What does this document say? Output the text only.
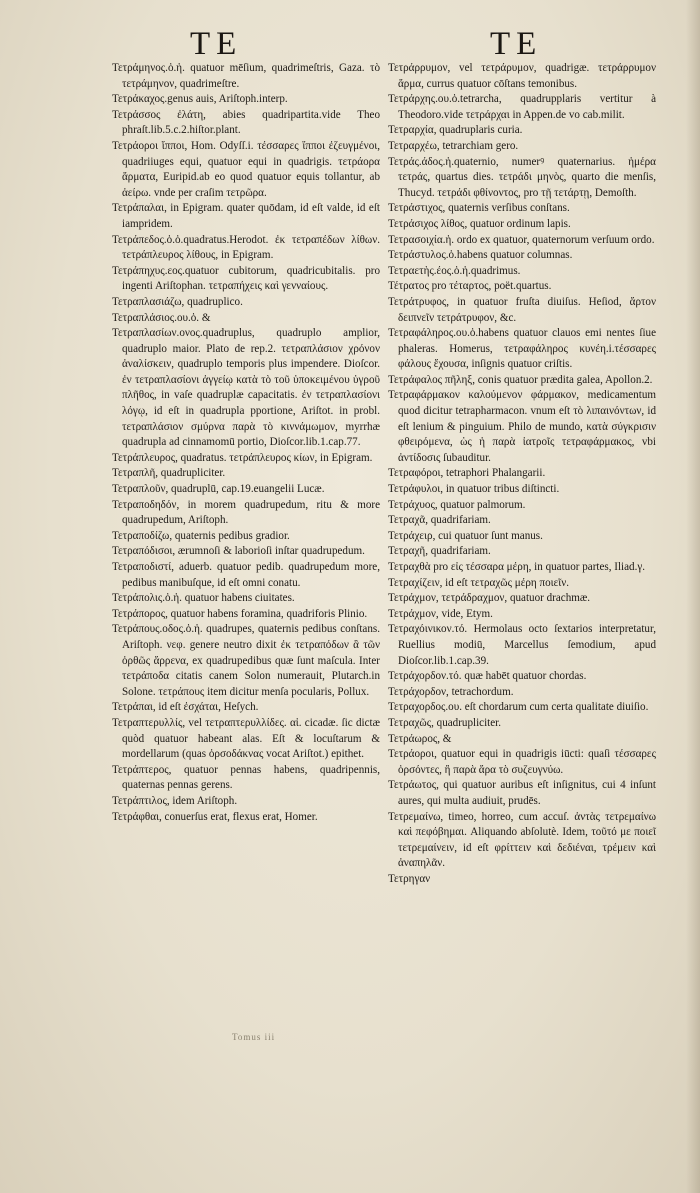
TE	TE

Τετράμηνος.ὁ.ἡ. quatuor mēſium, quadrimeſtris, Gaza. τὸ τετράμηνον, quadrimeſtre.

Τετράκαχος.genus auis, Ariſtoph.interp.

Τετράσσος ἐλάτη, abies quadripartita.vide Theo phraſt.lib.5.c.2.hiſtor.plant.

Τετράοροι ἵπποι, Hom. Odyſſ.i. τέσσαρες ἵπποι ἐζευγμένοι, quadriiuges equi, quatuor equi in quadrigis. τετράορα ἅρματα, Euripid.ab eo quod quatuor equis tollantur, ab ἀείρω. vnde per craſim τετρῶρα.

Τετράπαλαι, in Epigram. quater quōdam, id eſt valde, id eſt iampridem.

Τετράπεδος.ὁ.ὁ.quadratus.Herodot. ἐκ τετραπέδων λίθων. τετράπλευρος λίθους, in Epigram.

Τετράπηχυς.εος.quatuor cubitorum, quadricubitalis. pro ingenti Ariſtophan. τετραπήχεις καὶ γενναίους.

Τετραπλασιάζω, quadruplico.

Τετραπλάσιος.ου.ὁ. &

Τετραπλασίων.ονος.quadruplus, quadruplo amplior, quadruplo maior. Plato de rep.2. τετραπλάσιον χρόνον ἀναλίσκειν, quadruplo temporis plus impendere. Dioſcor. ἐν τετραπλασίονι ἀγγείῳ κατὰ τὸ τοῦ ὑποκειμένου ὑγροῦ πλῆθος, in vaſe quadruplæ capacitatis. ἐν τετραπλασίονι λόγῳ, id eſt in quadrupla pportione, Ariſtot. in probl. τετραπλάσιον σμύρνα παρὰ τὸ κιννάμωμον, myrrhæ quadrupla ad cinnamomū portio, Dioſcor.lib.1.cap.77.

Τετράπλευρος, quadratus. τετράπλευρος κίων, in Epigram.

Τετραπλῆ, quadrupliciter.

Τετραπλοῦν, quadruplū, cap.19.euangelii Lucæ.

Τετραποδηδόν, in morem quadrupedum, ritu & more quadrupedum, Ariſtoph.

Τετραποδίζω, quaternis pedibus gradior.

Τετραπόδισοι, ærumnoſi & laborioſi inſtar quadrupedum.

Τετραποδιστί, aduerb. quatuor pedib. quadrupedum more, pedibus manibuſque, id eſt omni conatu.

Τετράπολις.ὁ.ἡ. quatuor habens ciuitates.

Τετράπορος, quatuor habens foramina, quadriforis Plinio.

Τετράπους.οδος.ὁ.ἡ. quadrupes, quaternis pedibus conſtans. Ariſtoph. νεφ. genere neutro dixit ἐκ τετραπόδων ἃ τῶν ὀρθῶς ἄρρενα, ex quadrupedibus quæ ſunt maſcula. Inter τετράποδα citatis canem Solon numerauit, Plutarch.in Solone. τετράπους item dicitur menſa pocularis, Pollux.

Τετράπαι, id eſt ἐσχάται, Heſych.

Τετραπτερυλλίς, vel τετραπτερυλλίδες. αἱ. cicadæ. ſic dictæ quòd quatuor habeant alas. Eſt & locuſtarum & mordellarum (quas ὀρσοδάκνας vocat Ariſtot.) epithet.

Τετράπτερος, quatuor pennas habens, quadripennis, quaternas pennas gerens.

Τετράπτιλος, idem Ariſtoph.

Τετράφθαι, conuerſus erat, flexus erat, Homer.

Τετράρρυμον, vel τετράρυμον, quadrigæ. τετράρρυμον ἅρμα, currus quatuor cōſtans temonibus.

Τετράρχης.ου.ὁ.tetrarcha, quadrupplaris vertitur à Theodoro.vide τετράρχαι in Appen.de vo cab.milit.

Τετραρχία, quadruplaris curia.

Τετραρχέω, tetrarchiam gero.

Τετράς.άδος.ἡ.quaternio, numerꝰ quaternarius. ἡμέρα τετράς, quartus dies. τετράδι μηνὸς, quarto die menſis, Thucyd. τετράδι φθίνοντος, pro τῇ τετάρτῃ, Demoſth.

Τετράστιχος, quaternis verſibus conſtans.

Τετράσιχος λίθος, quatuor ordinum lapis.

Τετρασοιχία.ἡ. ordo ex quatuor, quaternorum verſuum ordo.

Τετράστυλος.ὁ.habens quatuor columnas.

Τετραετὴς.έος.ὁ.ἡ.quadrimus.

Τέτρατος pro τέταρτος, poët.quartus.

Τετράτρυφος, in quatuor fruſta diuiſus. Heſiod, ἄρτον δειπνεῖν τετράτρυφον, &c.

Τετραφάληρος.ου.ὁ.habens quatuor clauos emi nentes ſiue phaleras. Homerus, τετραφάληρος κυνέη.i.τέσσαρες φάλους ἔχουσα, inſignis quatuor criſtis.

Τετράφαλος πῆληξ, conis quatuor prædita galea, Apollon.2.

Τετραφάρμακον καλούμενον φάρμακον, medicamentum quod dicitur tetrapharmacon. vnum eſt τὸ λιπαινόντων, id eſt lenium & pinguium. Philo de mundo, κατὰ σύγκρισιν φθειρόμενα, ὡς ἡ παρὰ ἰατροῖς τετραφάρμακος, vbi ἀντίδοσις ſubauditur.

Τετραφόροι, tetraphori Phalangarii.

Τετράφυλοι, in quatuor tribus diſtincti.

Τετράχυος, quatuor palmorum.

Τετραχᾶ, quadrifariam.

Τετράχειρ, cui quatuor ſunt manus.

Τετραχῆ, quadrifariam.

Τετραχθὰ pro εἰς τέσσαρα μέρη, in quatuor partes, Iliad.γ.

Τετραχίζειν, id eſt τετραχῶς μέρη ποιεῖν.

Τετράχμον, τετράδραχμον, quatuor drachmæ.

Τετράχμον, vide, Etym.

Τετραχόινικον.τό. Hermolaus octo ſextarios interpretatur, Ruellius modiū, Marcellus ſemodium, apud Dioſcor.lib.1.cap.39.

Τετράχορδον.τό. quæ habēt quatuor chordas.

Τετράχορδον, tetrachordum.

Τετραχορδος.ου. eſt chordarum cum certa qualitate diuiſio.

Τετραχῶς, quadrupliciter.

Τετράωρος, &

Τετράοροι, quatuor equi in quadrigis iūcti: quaſi τέσσαρες ὁρσόντες, ἢ παρὰ ἄρα τὸ συζευγνύω.

Τετράωτος, qui quatuor auribus eſt inſignitus, cui 4 inſunt aures, qui multa audiuit, prudēs.

Τετρεμαίνω, timeo, horreo, cum accuſ. ἀντὰς τετρεμαίνω καὶ πεφόβημαι. Aliquando abſolutè. Idem, τοῦτό με ποιεῖ τετρεμαίνειν, id eſt φρίττειν καὶ δεδιέναι, τρέμειν καὶ ἀναπηλᾶν.

Τετρηγαν

Tomus iii
